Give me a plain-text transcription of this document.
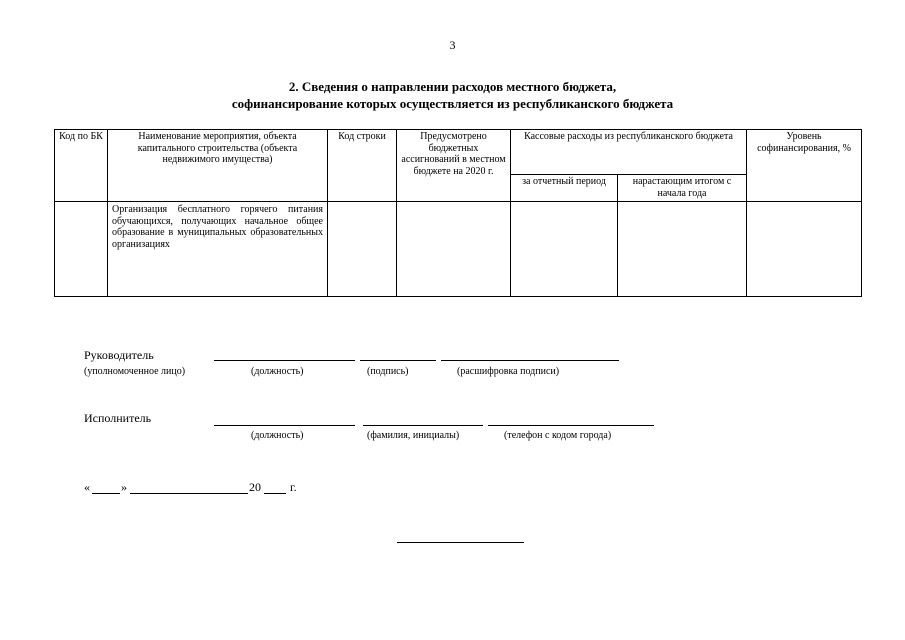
3
2. Сведения о направлении расходов местного бюджета,
софинансирование которых осуществляется из республиканского бюджета
Код по БК	Наименование мероприятия, объекта капитального строительства (объекта недвижимого имущества)	Код строки	Предусмотрено бюджетных ассигнований в местном бюджете на 2020 г.	Кассовые расходы из республиканского бюджета		Уровень софинансирования, %
				за отчетный период	нарастающим итогом с начала года	
	Организация бесплатного горячего питания обучающихся, получающих начальное общее образование в муниципальных образовательных организациях					
Руководитель
(уполномоченное лицо)	(должность)	(подпись)	(расшифровка подписи)
Исполнитель
(должность)	(фамилия, инициалы)	(телефон с кодом города)
«	»	20 г.
